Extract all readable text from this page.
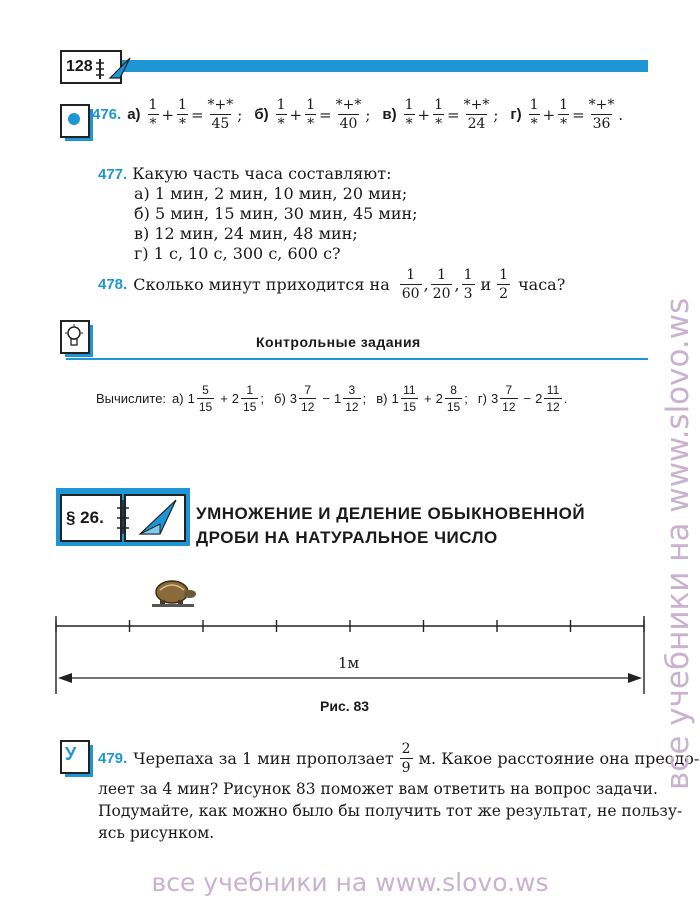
128	ГЛАВА II
476. $а) \frac{1}{*} + \frac{1}{*} = \frac{*+*}{45}$ ; $б) \frac{1}{*} + \frac{1}{*} = \frac{*+*}{40}$ ; $в) \frac{1}{*} + \frac{1}{*} = \frac{*+*}{24}$ ; $г) \frac{1}{*} + \frac{1}{*} = \frac{*+*}{36}$ .
477. Какую часть часа составляют:
а) 1 мин, 2 мин, 10 мин, 20 мин;
б) 5 мин, 15 мин, 30 мин, 45 мин;
в) 12 мин, 24 мин, 48 мин;
г) 1 с, 10 с, 300 с, 600 с?
478. Сколько минут приходится на $\frac{1}{60}$ , $\frac{1}{20}$ , $\frac{1}{3}$ и $\frac{1}{2}$ часа?
Контрольные задания
Вычислите: а) $1 \frac{5}{15} + 2 \frac{1}{15}$ ; б) $3 \frac{7}{12} - 1 \frac{3}{12}$ ; в) $1 \frac{11}{15} + 2 \frac{8}{15}$ ; г) $3 \frac{7}{12} - 2 \frac{11}{12}$ .
§ 26.	УМНОЖЕНИЕ И ДЕЛЕНИЕ ОБЫКНОВЕННОЙ
ДРОБИ НА НАТУРАЛЬНОЕ ЧИСЛО
1м
Рис. 83
У 479. Черепаха за 1 мин проползает $\frac{2}{9} м$. Какое расстояние она преодо-
леет за 4 мин? Рисунок 83 поможет вам ответить на вопрос задачи.
Подумайте, как можно было бы получить тот же результат, не пользу-
ясь рисунком.
все учебники на www.slovo.ws
все учебники на www.slovo.ws
